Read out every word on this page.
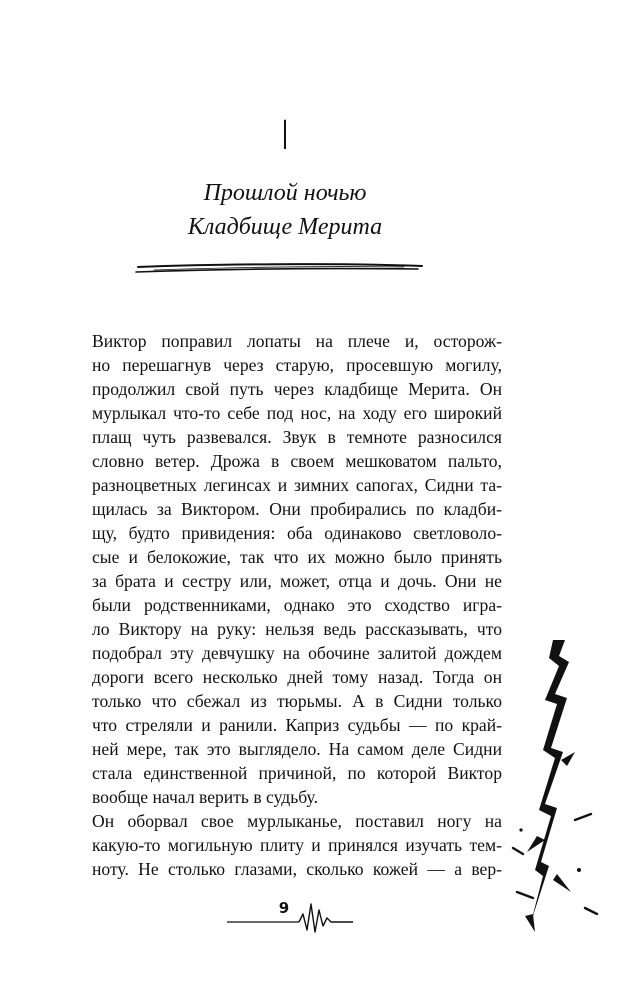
I
Прошлой ночью
Кладбище Мерита
Виктор поправил лопаты на плече и, осторож-
но перешагнув через старую, просевшую могилу,
продолжил свой путь через кладбище Мерита. Он
мурлыкал что-то себе под нос, на ходу его широкий
плащ чуть развевался. Звук в темноте разносился
словно ветер. Дрожа в своем мешковатом пальто,
разноцветных легинсах и зимних сапогах, Сидни та-
щилась за Виктором. Они пробирались по кладби-
щу, будто привидения: оба одинаково светловоло-
сые и белокожие, так что их можно было принять
за брата и сестру или, может, отца и дочь. Они не
были родственниками, однако это сходство игра-
ло Виктору на руку: нельзя ведь рассказывать, что
подобрал эту девчушку на обочине залитой дождем
дороги всего несколько дней тому назад. Тогда он
только что сбежал из тюрьмы. А в Сидни только
что стреляли и ранили. Каприз судьбы — по край-
ней мере, так это выглядело. На самом деле Сидни
стала единственной причиной, по которой Виктор
вообще начал верить в судьбу.
Он оборвал свое мурлыканье, поставил ногу на
какую-то могильную плиту и принялся изучать тем-
ноту. Не столько глазами, сколько кожей — а вер-
9
